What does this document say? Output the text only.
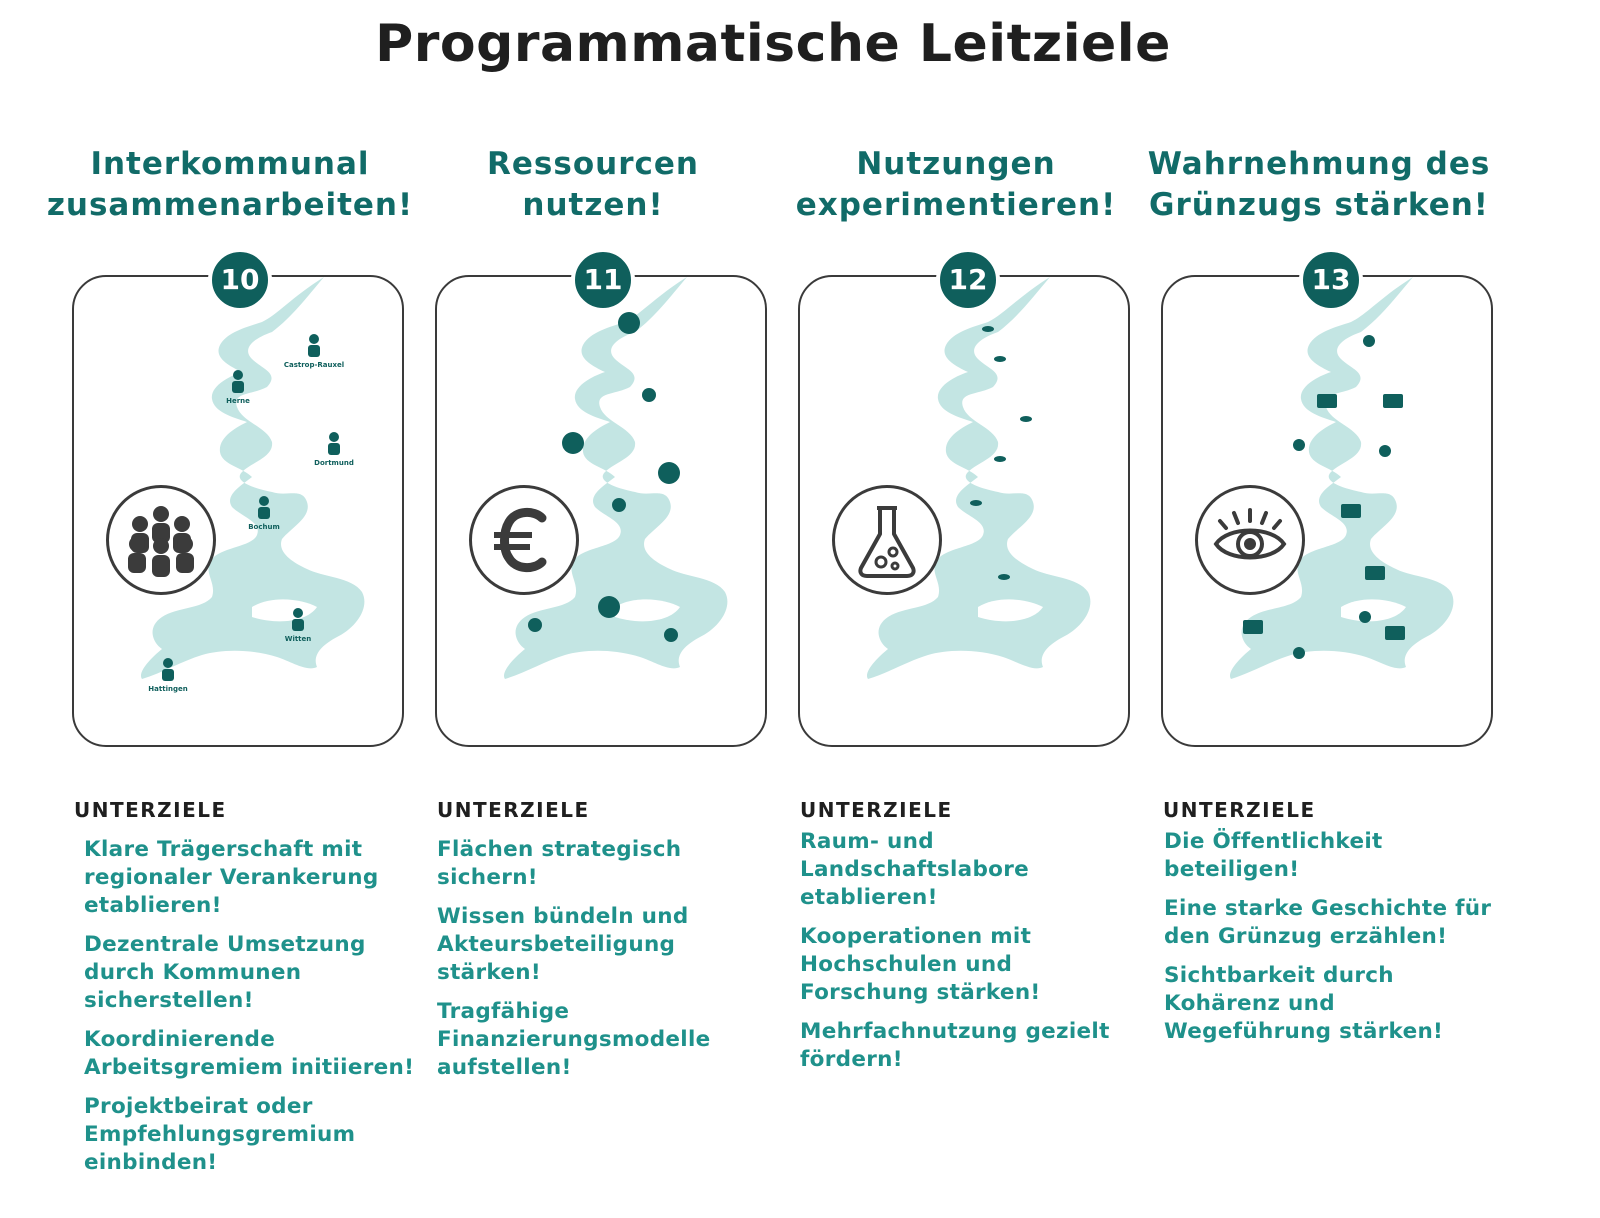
Programmatische Leitziele
Interkommunal
zusammenarbeiten!
Castrop-Rauxel
Herne
Dortmund
Bochum
Witten
Hattingen
10
UNTERZIELE
Klare Trägerschaft mit regionaler Verankerung etablieren!
Dezentrale Umsetzung durch Kommunen sicherstellen!
Koordinierende Arbeitsgremiem initiieren!
Projektbeirat oder Empfehlungsgremium einbinden!
Ressourcen
nutzen!
11
UNTERZIELE
Flächen strategisch sichern!
Wissen bündeln und Akteursbeteiligung stärken!
Tragfähige Finanzierungsmodelle aufstellen!
Nutzungen
experimentieren!
12
UNTERZIELE
Raum- und Landschaftslabore etablieren!
Kooperationen mit Hochschulen und Forschung stärken!
Mehrfachnutzung gezielt fördern!
Wahrnehmung des
Grünzugs stärken!
13
UNTERZIELE
Die Öffentlichkeit beteiligen!
Eine starke Geschichte für den Grünzug erzählen!
Sichtbarkeit durch Kohärenz und Wegeführung stärken!
